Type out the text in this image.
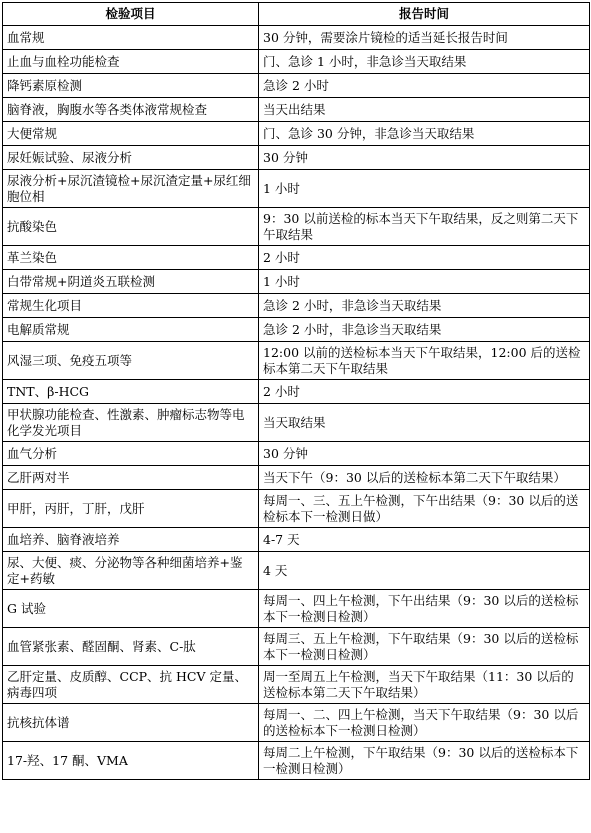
检验项目	报告时间
血常规	30 分钟，需要涂片镜检的适当延长报告时间
止血与血栓功能检查	门、急诊 1 小时，非急诊当天取结果
降钙素原检测	急诊 2 小时
脑脊液，胸腹水等各类体液常规检查	当天出结果
大便常规	门、急诊 30 分钟，非急诊当天取结果
尿妊娠试验、尿液分析	30 分钟
尿液分析+尿沉渣镜检+尿沉渣定量+尿红细胞位相	1 小时
抗酸染色	9：30 以前送检的标本当天下午取结果，反之则第二天下午取结果
革兰染色	2 小时
白带常规+阴道炎五联检测	1 小时
常规生化项目	急诊 2 小时，非急诊当天取结果
电解质常规	急诊 2 小时，非急诊当天取结果
风湿三项、免疫五项等	12:00 以前的送检标本当天下午取结果，12:00 后的送检标本第二天下午取结果
TNT、β-HCG	2 小时
甲状腺功能检查、性激素、肿瘤标志物等电化学发光项目	当天取结果
血气分析	30 分钟
乙肝两对半	当天下午（9：30 以后的送检标本第二天下午取结果）
甲肝，丙肝，丁肝，戊肝	每周一、三、五上午检测，下午出结果（9：30 以后的送检标本下一检测日做）
血培养、脑脊液培养	4-7 天
尿、大便、痰、分泌物等各种细菌培养+鉴定+药敏	4 天
G 试验	每周一、四上午检测，下午出结果（9：30 以后的送检标本下一检测日检测）
血管紧张素、醛固酮、肾素、C-肽	每周三、五上午检测，下午取结果（9：30 以后的送检标本下一检测日检测）
乙肝定量、皮质醇、CCP、抗 HCV 定量、病毒四项	周一至周五上午检测，当天下午取结果（11：30 以后的送检标本第二天下午取结果）
抗核抗体谱	每周一、二、四上午检测，当天下午取结果（9：30 以后的送检标本下一检测日检测）
17-羟、17 酮、VMA	每周二上午检测，下午取结果（9：30 以后的送检标本下一检测日检测）
